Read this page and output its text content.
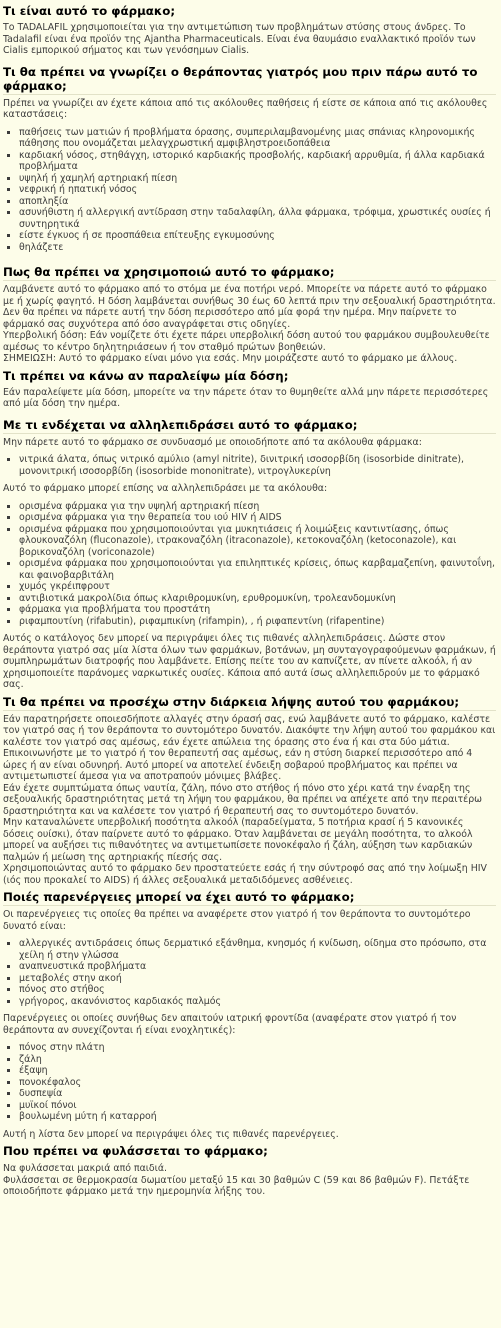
Τι είναι αυτό το φάρμακο;

Το TADALAFIL χρησιμοποιείται για την αντιμετώπιση των προβλημάτων στύσης στους άνδρες. Το Tadalafil είναι ένα προϊόν της Ajantha Pharmaceuticals. Είναι ένα θαυμάσιο εναλλακτικό προϊόν των Cialis εμπορικού σήματος και των γενόσημων Cialis.

Τι θα πρέπει να γνωρίζει ο θεράποντας γιατρός μου πριν πάρω αυτό το φάρμακο;

Πρέπει να γνωρίζει αν έχετε κάποια από τις ακόλουθες παθήσεις ή είστε σε κάποια από τις ακόλουθες καταστάσεις:

▪ παθήσεις των ματιών ή προβλήματα όρασης, συμπεριλαμβανομένης μιας σπάνιας κληρονομικής πάθησης που ονομάζεται μελαγχρωστική αμφιβληστροειδοπάθεια
▪ καρδιακή νόσος, στηθάγχη, ιστορικό καρδιακής προσβολής, καρδιακή αρρυθμία, ή άλλα καρδιακά προβλήματα
▪ υψηλή ή χαμηλή αρτηριακή πίεση
▪ νεφρική ή ηπατική νόσος
▪ αποπληξία
▪ ασυνήθιστη ή αλλεργική αντίδραση στην ταδαλαφίλη, άλλα φάρμακα, τρόφιμα, χρωστικές ουσίες ή συντηρητικά
▪ είστε έγκυος ή σε προσπάθεια επίτευξης εγκυμοσύνης
▪ θηλάζετε
Πως θα πρέπει να χρησιμοποιώ αυτό το φάρμακο;
Λαμβάνετε αυτό το φάρμακο από το στόμα με ένα ποτήρι νερό. Μπορείτε να πάρετε αυτό το φάρμακο με ή χωρίς φαγητό. Η δόση λαμβάνεται συνήθως 30 έως 60 λεπτά πριν την σεξουαλική δραστηριότητα. Δεν θα πρέπει να πάρετε αυτή την δόση περισσότερο από μία φορά την ημέρα. Μην παίρνετε το φάρμακό σας συχνότερα από όσο αναγράφεται στις οδηγίες.
Υπερβολική δόση: Εάν νομίζετε ότι έχετε πάρει υπερβολική δόση αυτού του φαρμάκου συμβουλευθείτε αμέσως το κέντρο δηλητηριάσεων ή τον σταθμό πρώτων βοηθειών.
ΣΗΜΕΙΩΣΗ: Αυτό το φάρμακο είναι μόνο για εσάς. Μην μοιράζεστε αυτό το φάρμακο με άλλους.
Τι πρέπει να κάνω αν παραλείψω μία δόση;

Εάν παραλείψετε μία δόση, μπορείτε να την πάρετε όταν το θυμηθείτε αλλά μην πάρετε περισσότερες από μία δόση την ημέρα.

Με τι ενδέχεται να αλληλεπιδράσει αυτό το φάρμακο;

Μην πάρετε αυτό το φάρμακο σε συνδυασμό με οποιοδήποτε από τα ακόλουθα φάρμακα:

▪ νιτρικά άλατα, όπως νιτρικό αμύλιο (amyl nitrite), δινιτρική ισοσορβίδη (isosorbide dinitrate), μονονιτρική ισοσορβίδη (isosorbide mononitrate), νιτρογλυκερίνη

Αυτό το φάρμακο μπορεί επίσης να αλληλεπιδράσει με τα ακόλουθα:

▪ ορισμένα φάρμακα για την υψηλή αρτηριακή πίεση
▪ ορισμένα φάρμακα για την θεραπεία του ιού HIV ή AIDS
▪ ορισμένα φάρμακα που χρησιμοποιούνται για μυκητιάσεις ή λοιμώξεις καντιντίασης, όπως φλουκοναζόλη (fluconazole), ιτρακοναζόλη (itraconazole), κετοκοναζόλη (ketoconazole), και βορικοναζόλη (voriconazole)
▪ ορισμένα φάρμακα που χρησιμοποιούνται για επιληπτικές κρίσεις, όπως καρβαμαζεπίνη, φαινυτοΐνη, και φαινοβαρβιτάλη
▪ χυμός γκρέιπφρουτ
▪ αντιβιοτικά μακρολίδια όπως κλαριθρομυκίνη, ερυθρομυκίνη, τρολεανδομυκίνη
▪ φάρμακα για προβλήματα του προστάτη
▪ ριφαμπουτίνη (rifabutin), ριφαμπικίνη (rifampin), , ή ριφαπεντίνη (rifapentine)

Αυτός ο κατάλογος δεν μπορεί να περιγράψει όλες τις πιθανές αλληλεπιδράσεις. Δώστε στον θεράποντα γιατρό σας μία λίστα όλων των φαρμάκων, βοτάνων, μη συνταγογραφούμενων φαρμάκων, ή συμπληρωμάτων διατροφής που λαμβάνετε. Επίσης πείτε του αν καπνίζετε, αν πίνετε αλκοόλ, ή αν χρησιμοποιείτε παράνομες ναρκωτικές ουσίες. Κάποια από αυτά ίσως αλληλεπιδρούν με το φάρμακό σας.

Τι θα πρέπει να προσέχω στην διάρκεια λήψης αυτού του φαρμάκου;
Εάν παρατηρήσετε οποιεσδήποτε αλλαγές στην όρασή σας, ενώ λαμβάνετε αυτό το φάρμακο, καλέστε τον γιατρό σας ή τον θεράποντα το συντομότερο δυνατόν. Διακόψτε την λήψη αυτού του φαρμάκου και καλέστε τον γιατρό σας αμέσως, εάν έχετε απώλεια της όρασης στο ένα ή και στα δύο μάτια.
Επικοινωνήστε με το γιατρό ή τον θεραπευτή σας αμέσως, εάν η στύση διαρκεί περισσότερο από 4 ώρες ή αν είναι οδυνηρή. Αυτό μπορεί να αποτελεί ένδειξη σοβαρού προβλήματος και πρέπει να αντιμετωπιστεί άμεσα για να αποτραπούν μόνιμες βλάβες.
Εάν έχετε συμπτώματα όπως ναυτία, ζάλη, πόνο στο στήθος ή πόνο στο χέρι κατά την έναρξη της σεξουαλικής δραστηριότητας μετά τη λήψη του φαρμάκου, θα πρέπει να απέχετε από την περαιτέρω δραστηριότητα και να καλέσετε τον γιατρό ή θεραπευτή σας το συντομότερο δυνατόν.
Μην καταναλώνετε υπερβολική ποσότητα αλκοόλ (παραδείγματα, 5 ποτήρια κρασί ή 5 κανονικές δόσεις ουίσκι), όταν παίρνετε αυτό το φάρμακο. Όταν λαμβάνεται σε μεγάλη ποσότητα, το αλκοόλ μπορεί να αυξήσει τις πιθανότητες να αντιμετωπίσετε πονοκέφαλο ή ζάλη, αύξηση των καρδιακών παλμών ή μείωση της αρτηριακής πίεσής σας.
Χρησιμοποιώντας αυτό το φάρμακο δεν προστατεύετε εσάς ή την σύντροφό σας από την λοίμωξη HIV (ιός που προκαλεί το AIDS) ή άλλες σεξουαλικά μεταδιδόμενες ασθένειες.
Ποιές παρενέργειες μπορεί να έχει αυτό το φάρμακο;

Οι παρενέργειες τις οποίες θα πρέπει να αναφέρετε στον γιατρό ή τον θεράποντα το συντομότερο δυνατό είναι:

▪ αλλεργικές αντιδράσεις όπως δερματικό εξάνθημα, κνησμός ή κνίδωση, οίδημα στο πρόσωπο, στα χείλη ή στην γλώσσα
▪ αναπνευστικά προβλήματα
▪ μεταβολές στην ακοή
▪ πόνος στο στήθος
▪ γρήγορος, ακανόνιστος καρδιακός παλμός

Παρενέργειες οι οποίες συνήθως δεν απαιτούν ιατρική φροντίδα (αναφέρατε στον γιατρό ή τον θεράποντα αν συνεχίζονται ή είναι ενοχλητικές):

▪ πόνος στην πλάτη
▪ ζάλη
▪ έξαψη
▪ πονοκέφαλος
▪ δυσπεψία
▪ μυϊκοί πόνοι
▪ βουλωμένη μύτη ή καταρροή

Αυτή η λίστα δεν μπορεί να περιγράψει όλες τις πιθανές παρενέργειες.

Που πρέπει να φυλάσσεται το φάρμακο;
Να φυλάσσεται μακριά από παιδιά.
Φυλάσσεται σε θερμοκρασία δωματίου μεταξύ 15 και 30 βαθμών C (59 και 86 βαθμών F). Πετάξτε οποιοδήποτε φάρμακο μετά την ημερομηνία λήξης του.
